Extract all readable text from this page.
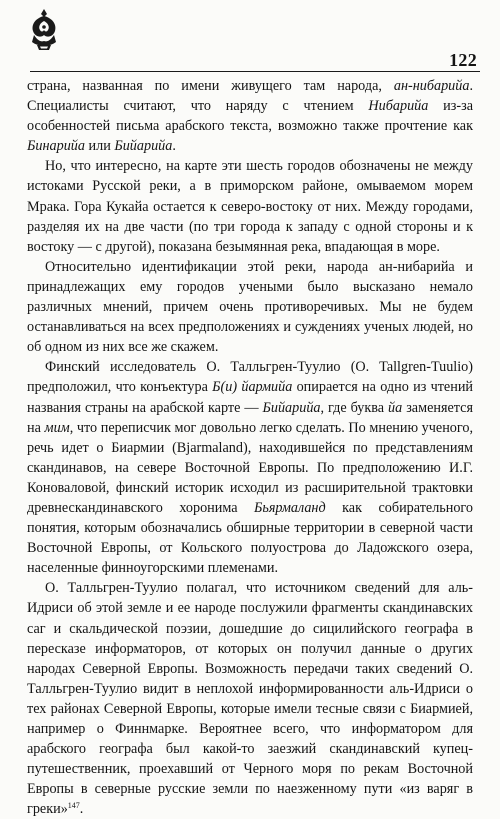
122

страна, названная по имени живущего там народа, ан-нибарийа. Специалисты считают, что наряду с чтением Нибарийа из-за особенностей письма арабского текста, возможно также прочтение как Бинарийа или Бийарийа.

Но, что интересно, на карте эти шесть городов обозначены не между истоками Русской реки, а в приморском районе, омываемом морем Мрака. Гора Кукайа остается к северо-востоку от них. Между городами, разделяя их на две части (по три города к западу с одной стороны и к востоку — с другой), показана безымянная река, впадающая в море.

Относительно идентификации этой реки, народа ан-нибарийа и принадлежащих ему городов учеными было высказано немало различных мнений, причем очень противоречивых. Мы не будем останавливаться на всех предположениях и суждениях ученых людей, но об одном из них все же скажем.

Финский исследователь О. Талльгрен-Туулио (O. Tallgren-Tuulio) предположил, что конъектура Б(и) йармийа опирается на одно из чтений названия страны на арабской карте — Бийарийа, где буква йа заменяется на мим, что переписчик мог довольно легко сделать. По мнению ученого, речь идет о Биармии (Bjarmaland), находившейся по представлениям скандинавов, на севере Восточной Европы. По предположению И.Г. Коноваловой, финский историк исходил из расширительной трактовки древнескандинавского хоронима Бьярмаланд как собирательного понятия, которым обозначались обширные территории в северной части Восточной Европы, от Кольского полуострова до Ладожского озера, населенные финноугорскими племенами.

О. Талльгрен-Туулио полагал, что источником сведений для аль-Идриси об этой земле и ее народе послужили фрагменты скандинавских саг и скальдической поэзии, дошедшие до сицилийского географа в пересказе информаторов, от которых он получил данные о других народах Северной Европы. Возможность передачи таких сведений О. Талльгрен-Туулио видит в неплохой информированности аль-Идриси о тех районах Северной Европы, которые имели тесные связи с Биармией, например о Финнмарке. Вероятнее всего, что информатором для арабского географа был какой-то заезжий скандинавский купец-путешественник, проехавший от Черного моря по рекам Восточной Европы в северные русские земли по наезженному пути «из варяг в греки»$^{147}$.
